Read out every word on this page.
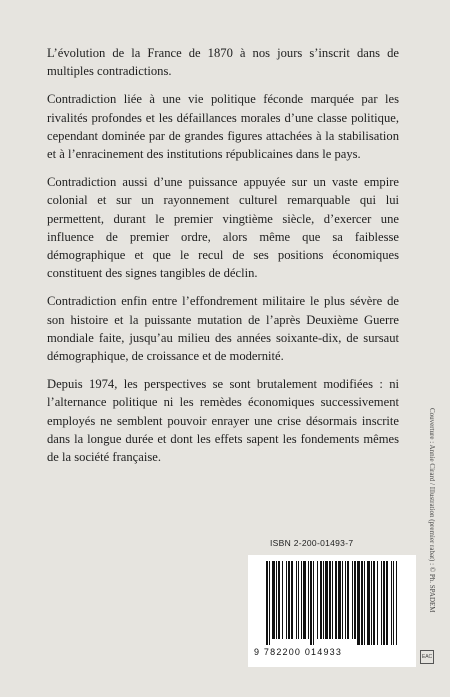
L’évolution de la France de 1870 à nos jours s’inscrit dans de multiples contradictions.

Contradiction liée à une vie politique féconde marquée par les rivalités profondes et les défaillances morales d’une classe politique, cependant dominée par de grandes figures attachées à la stabilisation et à l’enracinement des institutions républicaines dans le pays.

Contradiction aussi d’une puissance appuyée sur un vaste empire colonial et sur un rayonnement culturel remarquable qui lui permettent, durant le premier vingtième siècle, d’exercer une influence de premier ordre, alors même que sa faiblesse démographique et que le recul de ses positions économiques constituent des signes tangibles de déclin.

Contradiction enfin entre l’effondrement militaire le plus sévère de son histoire et la puissante mutation de l’après Deuxième Guerre mondiale faite, jusqu’au milieu des années soixante-dix, de sursaut démographique, de croissance et de modernité.

Depuis 1974, les perspectives se sont brutalement modifiées : ni l’alternance politique ni les remèdes économiques successivement employés ne semblent pouvoir enrayer une crise désormais inscrite dans la longue durée et dont les effets sapent les fondements mêmes de la société française.	Couverture : Annie Cirard / Illustration (premier rabat) : © Ph. SPADEM
ISBN 2-200-01493-7
9 782200 014933	EAC
